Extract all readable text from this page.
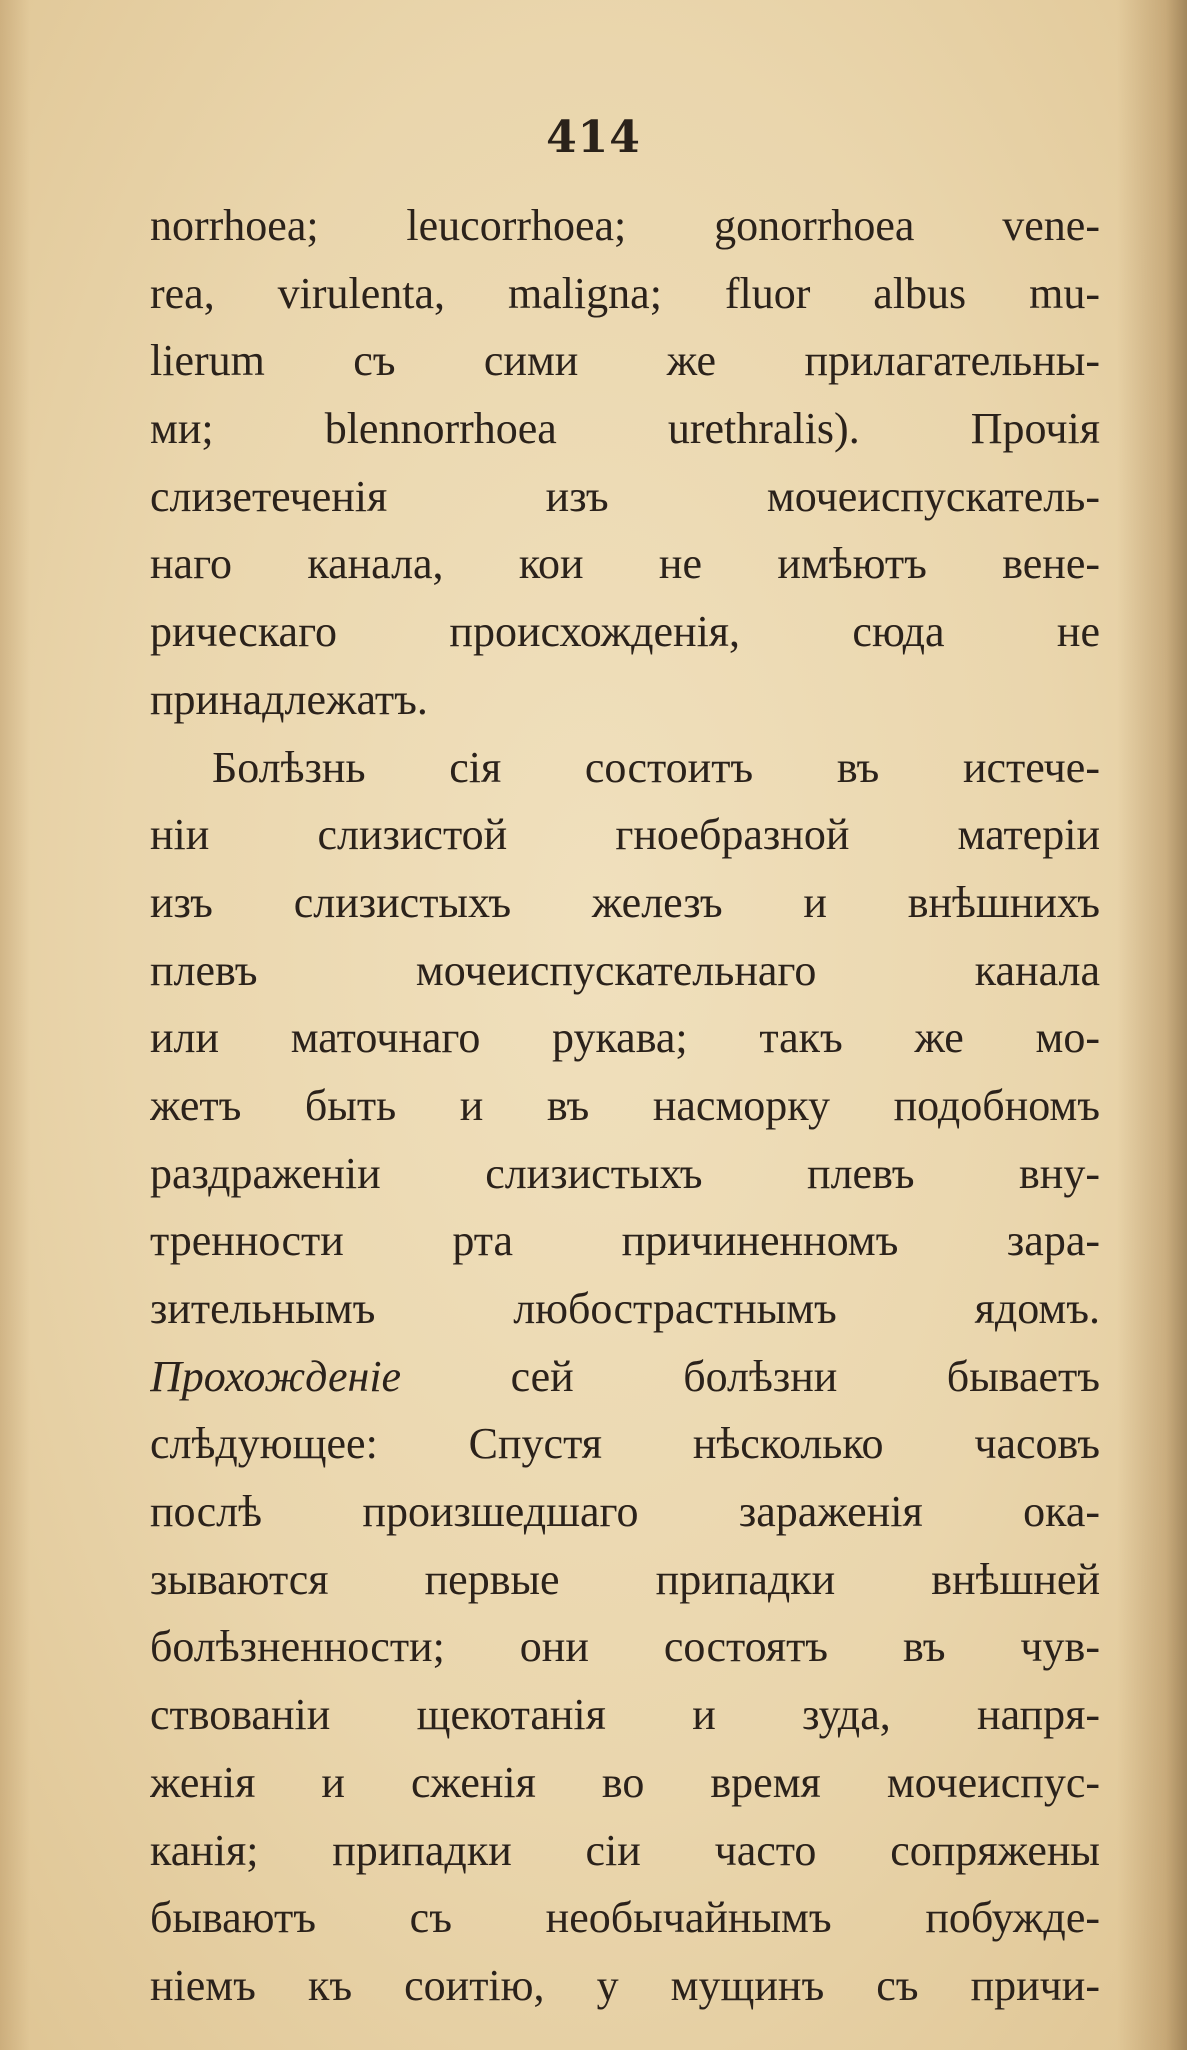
414
norrhoea; leucorrhoea; gonorrhoea vene-
rea, virulenta, maligna; fluor albus mu-
lierum съ сими же прилагательны-
ми; blennorrhoea urethralis). Прочія
слизетеченія изъ мочеиспускатель-
наго канала, кои не имѣютъ вене-
рическаго происхожденія, сюда не
принадлежатъ.
Болѣзнь сія состоитъ въ истече-
ніи слизистой гноебразной матеріи
изъ слизистыхъ железъ и внѣшнихъ
плевъ мочеиспускательнаго канала
или маточнаго рукава; такъ же мо-
жетъ быть и въ насморку подобномъ
раздраженіи слизистыхъ плевъ вну-
тренности рта причиненномъ зара-
зительнымъ любострастнымъ ядомъ.
Прохожденіе сей болѣзни бываетъ
слѣдующее: Спустя нѣсколько часовъ
послѣ произшедшаго зараженія ока-
зываются первые припадки внѣшней
болѣзненности; они состоятъ въ чув-
ствованіи щекотанія и зуда, напря-
женія и сженія во время мочеиспус-
канія; припадки сіи часто сопряжены
бываютъ съ необычайнымъ побужде-
ніемъ къ соитію, у мущинъ съ причи-
